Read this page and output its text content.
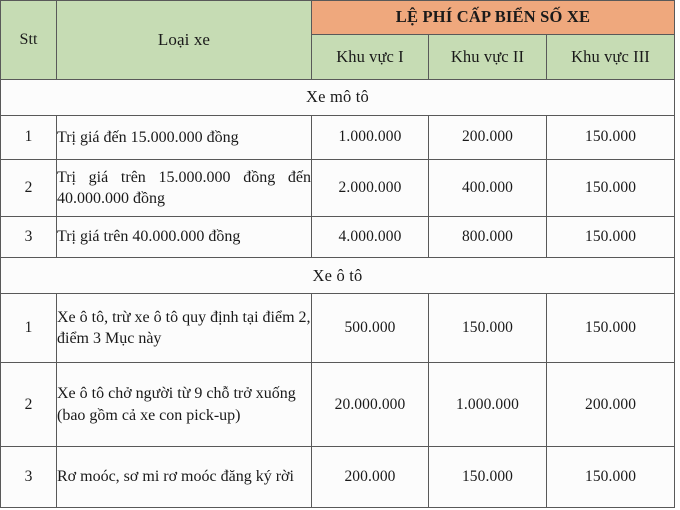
Stt	Loại xe	LỆ PHÍ CẤP BIỂN SỐ XE		

		Khu vực I	Khu vực II	Khu vực III
Xe mô tô				
1	Trị giá đến 15.000.000 đồng	1.000.000	200.000	150.000
2	Trị giá trên 15.000.000 đồng đến 40.000.000 đồng	2.000.000	400.000	150.000
3	Trị giá trên 40.000.000 đồng	4.000.000	800.000	150.000
Xe ô tô				
1	Xe ô tô, trừ xe ô tô quy định tại điểm 2, điểm 3 Mục này	500.000	150.000	150.000
2	Xe ô tô chở người từ 9 chỗ trở xuống (bao gồm cả xe con pick-up)	20.000.000	1.000.000	200.000
3	Rơ moóc, sơ mi rơ moóc đăng ký rời	200.000	150.000	150.000
